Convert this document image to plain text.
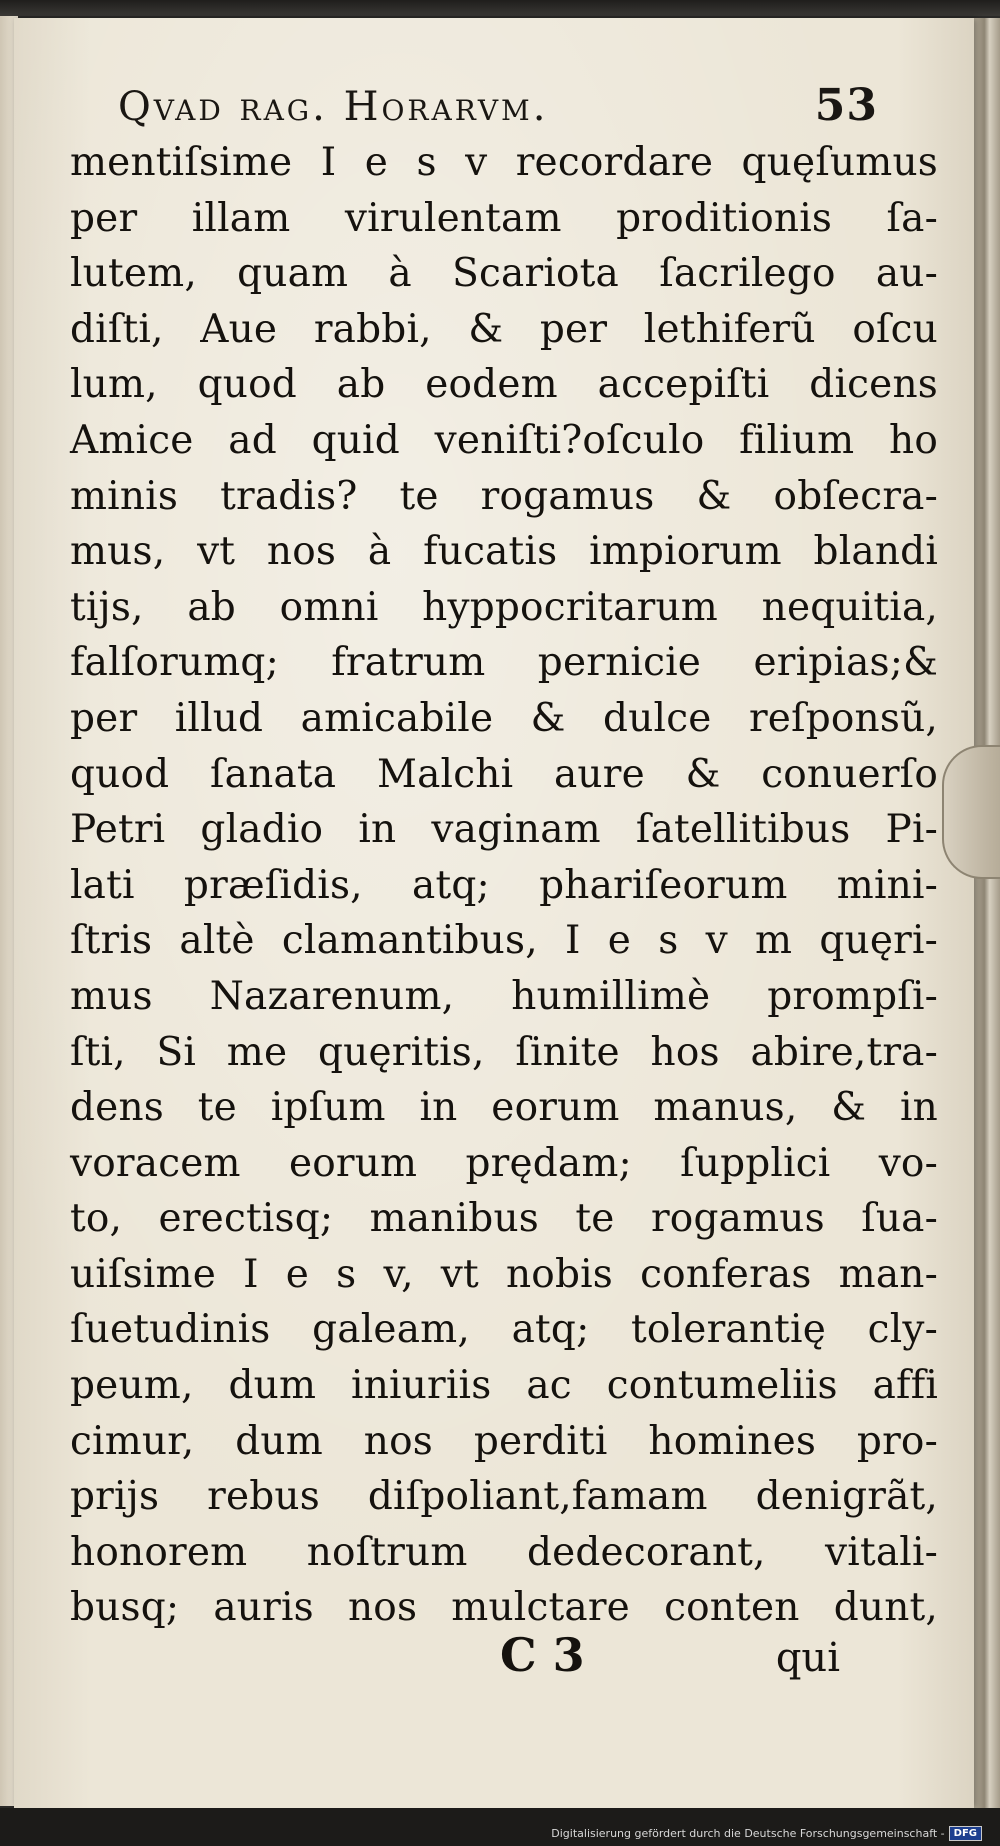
Qvad rag. Horarvm.	53
mentiſsime I e s v recordare quęſumus
per illam virulentam proditionis ſa-
lutem, quam à Scariota ſacrilego au-
diſti, Aue rabbi, & per lethiferũ oſcu
lum, quod ab eodem accepiſti dicens
Amice ad quid veniſti?oſculo filium ho
minis tradis? te rogamus & obſecra-
mus, vt nos à fucatis impiorum blandi
tijs, ab omni hyppocritarum nequitia,
falſorumq; fratrum pernicie eripias;&
per illud amicabile & dulce reſponsũ,
quod ſanata Malchi aure & conuerſo
Petri gladio in vaginam ſatellitibus Pi-
lati præſidis, atq; phariſeorum mini-
ſtris altè clamantibus, I e s v m quęri-
mus Nazarenum, humillimè prompſi-
ſti, Si me quęritis, ſinite hos abire,tra-
dens te ipſum in eorum manus, & in
voracem eorum prędam; ſupplici vo-
to, erectisq; manibus te rogamus ſua-
uiſsime I e s v, vt nobis conferas man-
ſuetudinis galeam, atq; tolerantię cly-
peum, dum iniuriis ac contumeliis affi
cimur, dum nos perditi homines pro-
prijs rebus diſpoliant,famam denigrãt,
honorem noſtrum dedecorant, vitali-
busq; auris nos mulctare conten dunt,
C 3	qui
Digitalisierung gefördert durch die Deutsche Forschungsgemeinschaft - DFG
